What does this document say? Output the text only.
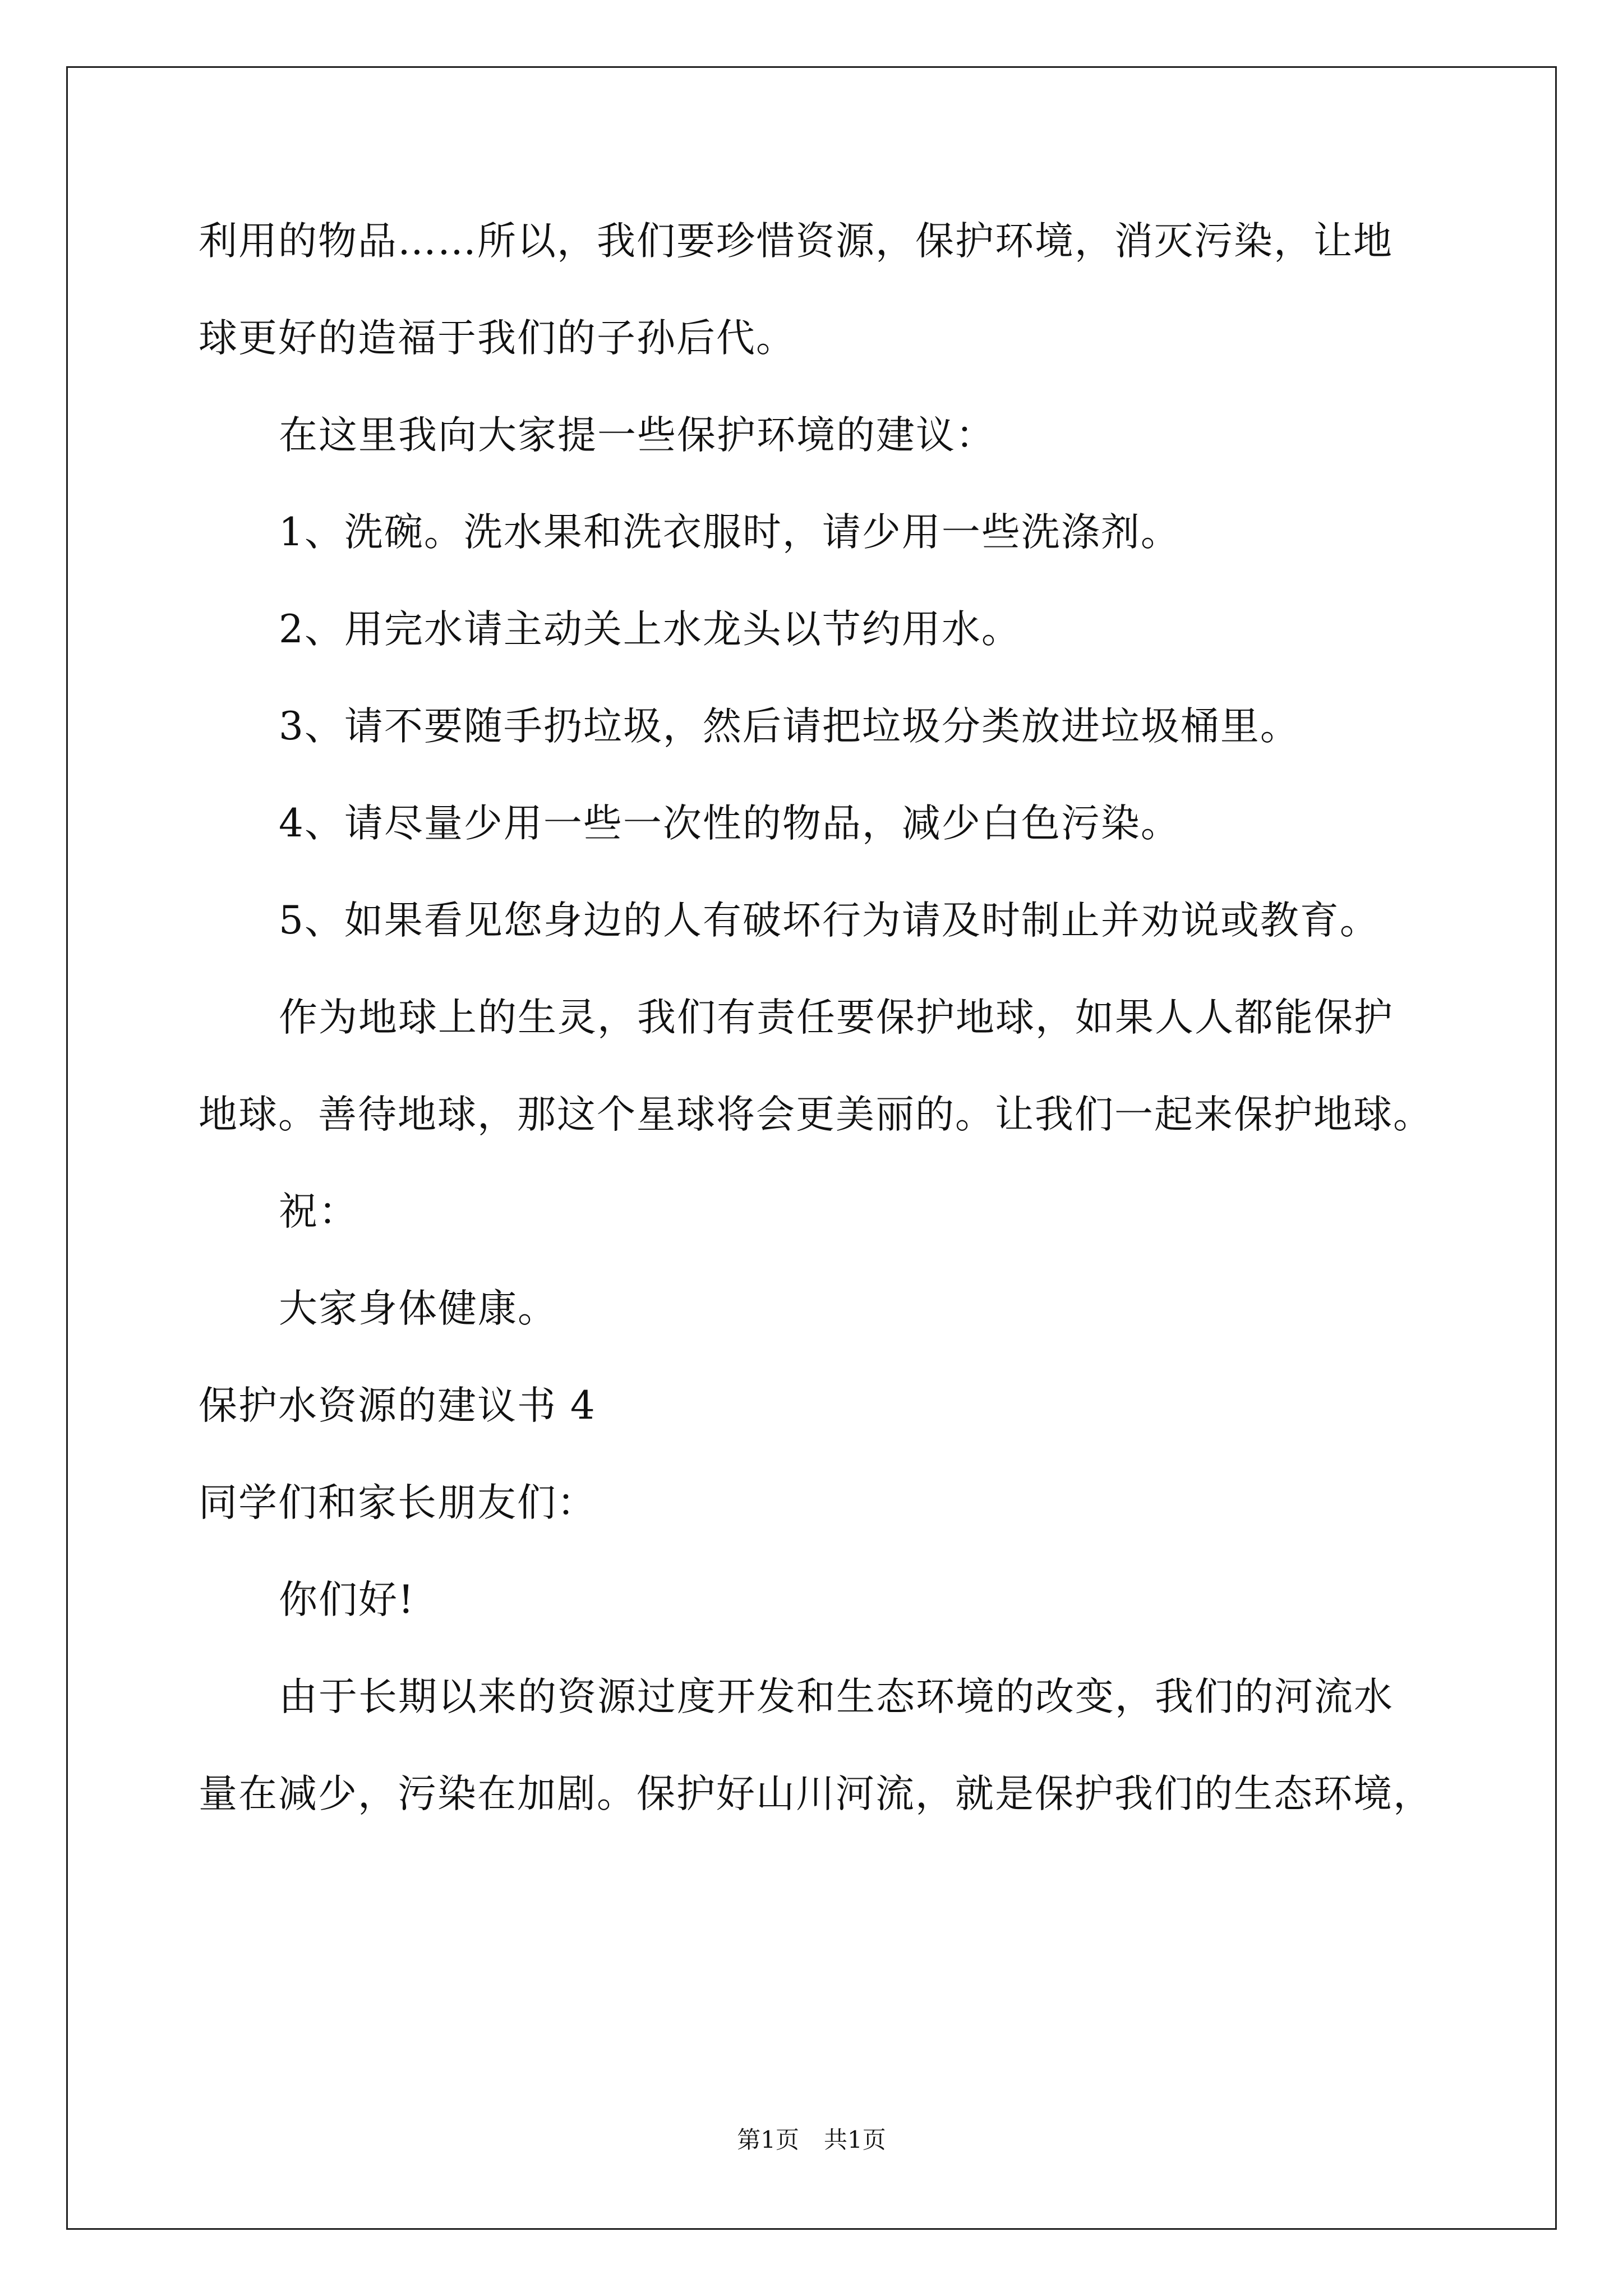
利用的物品……所以，我们要珍惜资源，保护环境，消灭污染，让地
球更好的造福于我们的子孙后代。
在这里我向大家提一些保护环境的建议：
1、洗碗。洗水果和洗衣服时，请少用一些洗涤剂。
2、用完水请主动关上水龙头以节约用水。
3、请不要随手扔垃圾，然后请把垃圾分类放进垃圾桶里。
4、请尽量少用一些一次性的物品，减少白色污染。
5、如果看见您身边的人有破坏行为请及时制止并劝说或教育。
作为地球上的生灵，我们有责任要保护地球，如果人人都能保护
地球。善待地球，那这个星球将会更美丽的。让我们一起来保护地球。
祝：
大家身体健康。
保护水资源的建议书 4
同学们和家长朋友们：
你们好!
由于长期以来的资源过度开发和生态环境的改变，我们的河流水
量在减少，污染在加剧。保护好山川河流，就是保护我们的生态环境，
第1页 共1页
